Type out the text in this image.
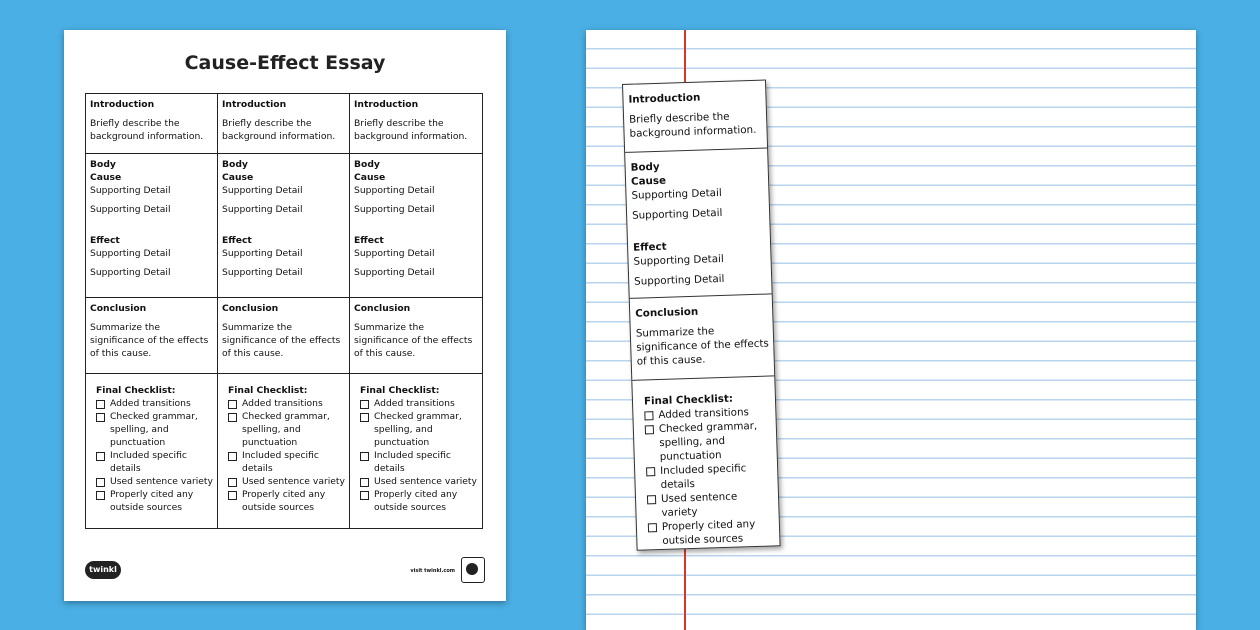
Cause-Effect Essay
Introduction
Briefly describe the background information.
Introduction
Briefly describe the background information.
Introduction
Briefly describe the background information.
Body
Cause
Supporting Detail
Supporting Detail
Effect
Supporting Detail
Supporting Detail
Body
Cause
Supporting Detail
Supporting Detail
Effect
Supporting Detail
Supporting Detail
Body
Cause
Supporting Detail
Supporting Detail
Effect
Supporting Detail
Supporting Detail
Conclusion
Summarize the significance of the effects of this cause.
Conclusion
Summarize the significance of the effects of this cause.
Conclusion
Summarize the significance of the effects of this cause.
Final Checklist:
Added transitions
Checked grammar, spelling, and punctuation
Included specific details
Used sentence variety
Properly cited any outside sources
Final Checklist:
Added transitions
Checked grammar, spelling, and punctuation
Included specific details
Used sentence variety
Properly cited any outside sources
Final Checklist:
Added transitions
Checked grammar, spelling, and punctuation
Included specific details
Used sentence variety
Properly cited any outside sources
twinkl	visit twinkl.com
Introduction
Briefly describe the background information.
Body
Cause
Supporting Detail
Supporting Detail
Effect
Supporting Detail
Supporting Detail
Conclusion
Summarize the significance of the effects of this cause.
Final Checklist:
Added transitions
Checked grammar, spelling, and punctuation
Included specific details
Used sentence variety
Properly cited any outside sources
